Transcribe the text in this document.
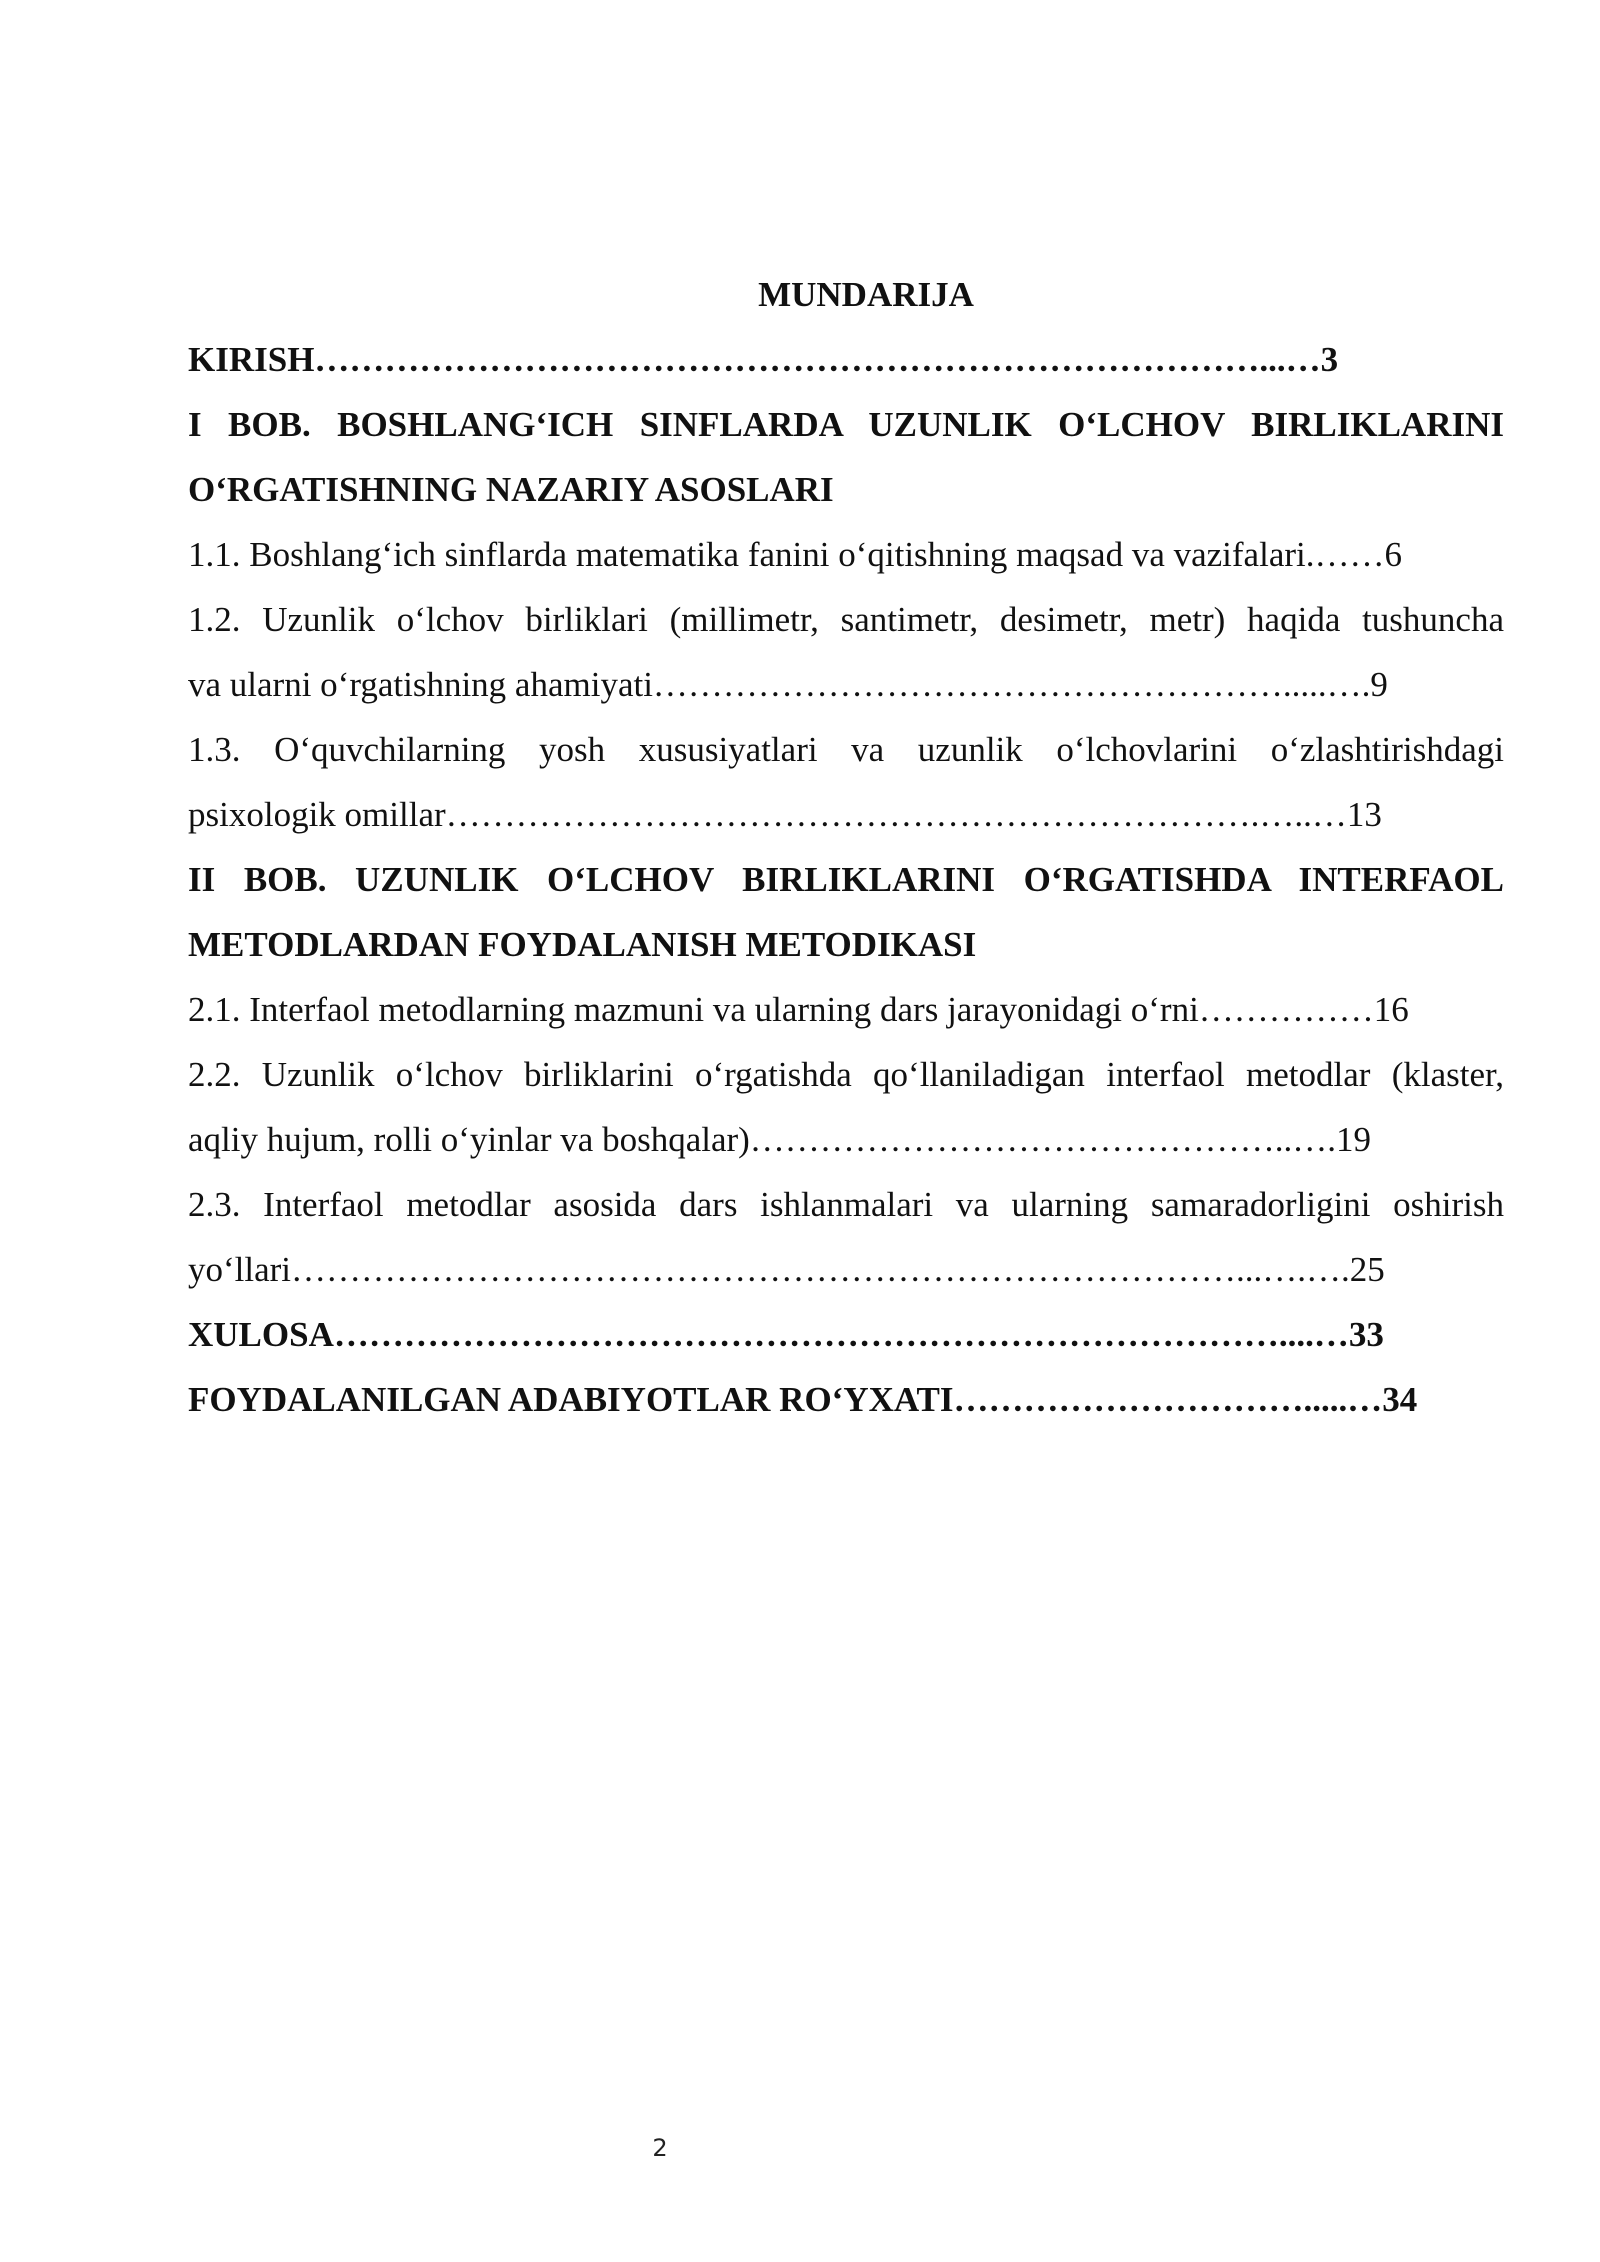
MUNDARIJA
KIRISH………………………………………………………………………...…3
I BOB. BOSHLANG‘ICH SINFLARDA UZUNLIK O‘LCHOV BIRLIKLARINI
O‘RGATISHNING NAZARIY ASOSLARI
1.1. Boshlang‘ich sinflarda matematika fanini o‘qitishning maqsad va vazifalari.……6
1.2. Uzunlik o‘lchov birliklari (millimetr, santimetr, desimetr, metr) haqida tushuncha
va ularni o‘rgatishning ahamiyati……………………………………………….....….9
1.3. O‘quvchilarning yosh xususiyatlari va uzunlik o‘lchovlarini o‘zlashtirishdagi
psixologik omillar…………………………………………………………….…..…13
II BOB. UZUNLIK O‘LCHOV BIRLIKLARINI O‘RGATISHDA INTERFAOL
METODLARDAN FOYDALANISH METODIKASI
2.1. Interfaol metodlarning mazmuni va ularning dars jarayonidagi o‘rni……………16
2.2. Uzunlik o‘lchov birliklarini o‘rgatishda qo‘llaniladigan interfaol metodlar (klaster,
aqliy hujum, rolli o‘yinlar va boshqalar)………………………………………..….19
2.3. Interfaol metodlar asosida dars ishlanmalari va ularning samaradorligini oshirish
yo‘llari………………………………………………………………………...….….25
XULOSA………………………………………………………………………....…33
FOYDALANILGAN ADABIYOTLAR RO‘YXATI………………………….....…34
2
